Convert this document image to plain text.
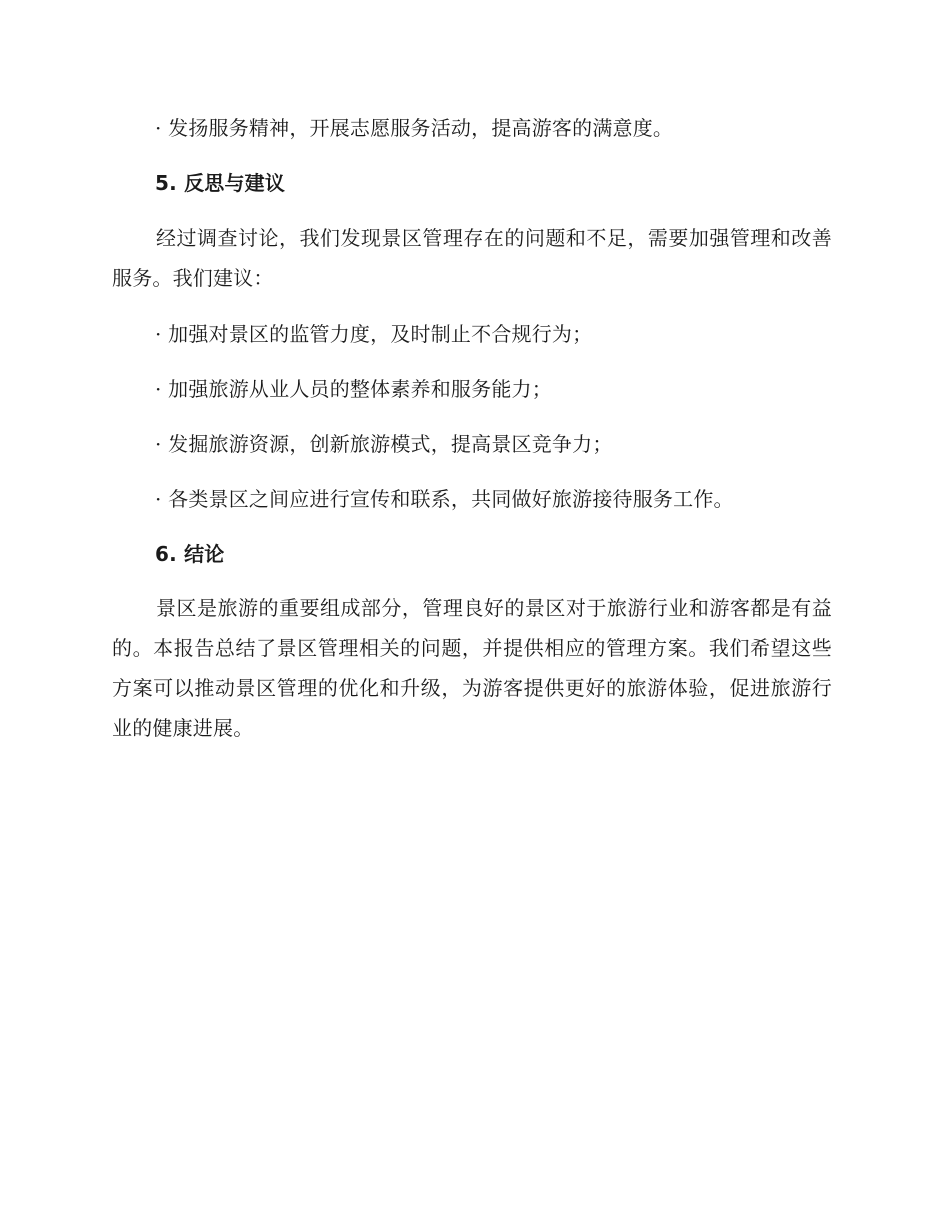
· 发扬服务精神，开展志愿服务活动，提高游客的满意度。
5. 反思与建议
经过调查讨论，我们发现景区管理存在的问题和不足，需要加强管理和改善服务。我们建议：
· 加强对景区的监管力度，及时制止不合规行为；
· 加强旅游从业人员的整体素养和服务能力；
· 发掘旅游资源，创新旅游模式，提高景区竞争力；
· 各类景区之间应进行宣传和联系，共同做好旅游接待服务工作。
6. 结论
景区是旅游的重要组成部分，管理良好的景区对于旅游行业和游客都是有益的。本报告总结了景区管理相关的问题，并提供相应的管理方案。我们希望这些方案可以推动景区管理的优化和升级，为游客提供更好的旅游体验，促进旅游行业的健康进展。
